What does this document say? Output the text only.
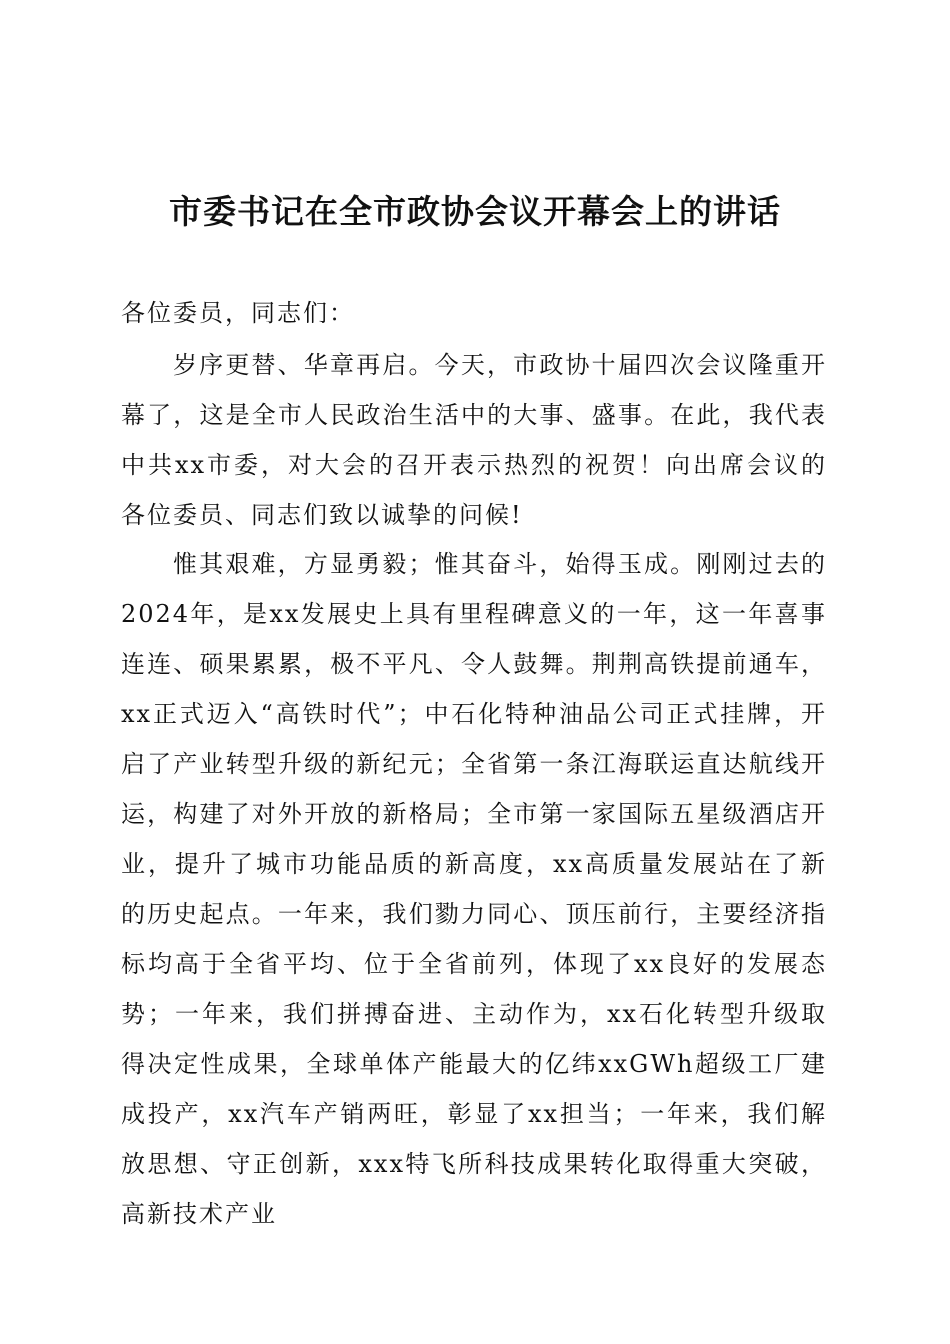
市委书记在全市政协会议开幕会上的讲话

各位委员，同志们：

岁序更替、华章再启。今天，市政协十届四次会议隆重开幕了，这是全市人民政治生活中的大事、盛事。在此，我代表中共xx市委，对大会的召开表示热烈的祝贺！向出席会议的各位委员、同志们致以诚挚的问候!

惟其艰难，方显勇毅；惟其奋斗，始得玉成。刚刚过去的2024年，是xx发展史上具有里程碑意义的一年，这一年喜事连连、硕果累累，极不平凡、令人鼓舞。荆荆高铁提前通车，xx正式迈入“高铁时代”；中石化特种油品公司正式挂牌，开启了产业转型升级的新纪元；全省第一条江海联运直达航线开运，构建了对外开放的新格局；全市第一家国际五星级酒店开业，提升了城市功能品质的新高度，xx高质量发展站在了新的历史起点。一年来，我们勠力同心、顶压前行，主要经济指标均高于全省平均、位于全省前列，体现了xx良好的发展态势；一年来，我们拼搏奋进、主动作为，xx石化转型升级取得决定性成果，全球单体产能最大的亿纬xxGWh超级工厂建成投产，xx汽车产销两旺，彰显了xx担当；一年来，我们解放思想、守正创新，xxx特飞所科技成果转化取得重大突破，高新技术产业
